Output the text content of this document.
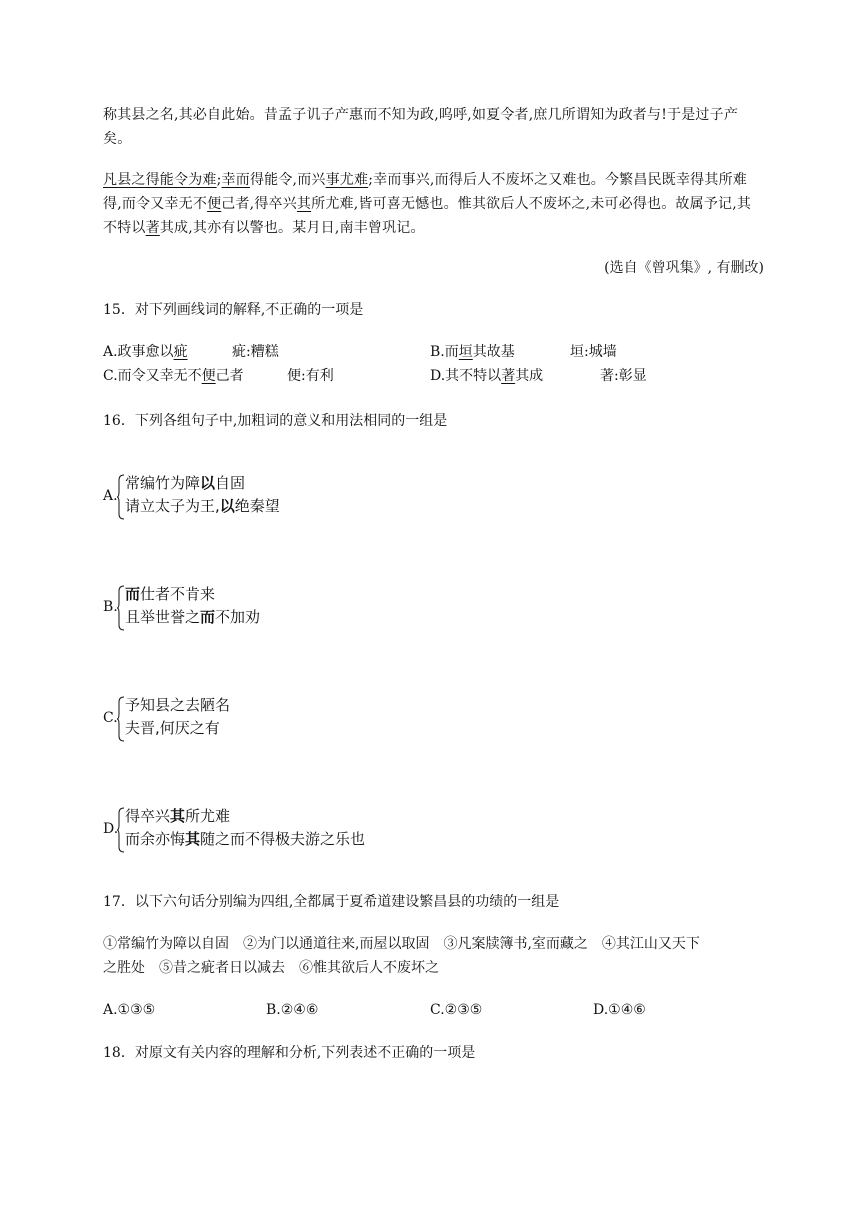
称其县之名,其必自此始。昔孟子讥子产惠而不知为政,呜呼,如夏令者,庶几所谓知为政者与!于是过子产矣。
凡县之得能令为难;幸而得能令,而兴事尤难;幸而事兴,而得后人不废坏之又难也。今繁昌民既幸得其所难得,而令又幸无不便己者,得卒兴其所尤难,皆可喜无憾也。惟其欲后人不废坏之,未可必得也。故属予记,其不特以著其成,其亦有以警也。某月日,南丰曾巩记。
(选自《曾巩集》, 有删改)
15．对下列画线词的解释,不正确的一项是
A.政事愈以疵	疵:糟糕	B.而垣其故基	垣:城墙
C.而令又幸无不便己者	便:有利	D.其不特以著其成	著:彰显
16．下列各组句子中,加粗词的意义和用法相同的一组是
A.
常编竹为障以自固
请立太子为王,以绝秦望
B.
而仕者不肯来
且举世誉之而不加劝
C.
予知县之去陋名
夫晋,何厌之有
D.
得卒兴其所尤难
而余亦悔其随之而不得极夫游之乐也
17．以下六句话分别编为四组,全都属于夏希道建设繁昌县的功绩的一组是
①常编竹为障以自固　②为门以通道往来,而屋以取固　③凡案牍簿书,室而藏之　④其江山又天下
之胜处　⑤昔之疵者日以减去　⑥惟其欲后人不废坏之
A.①③⑤	B.②④⑥	C.②③⑤	D.①④⑥
18．对原文有关内容的理解和分析,下列表述不正确的一项是
